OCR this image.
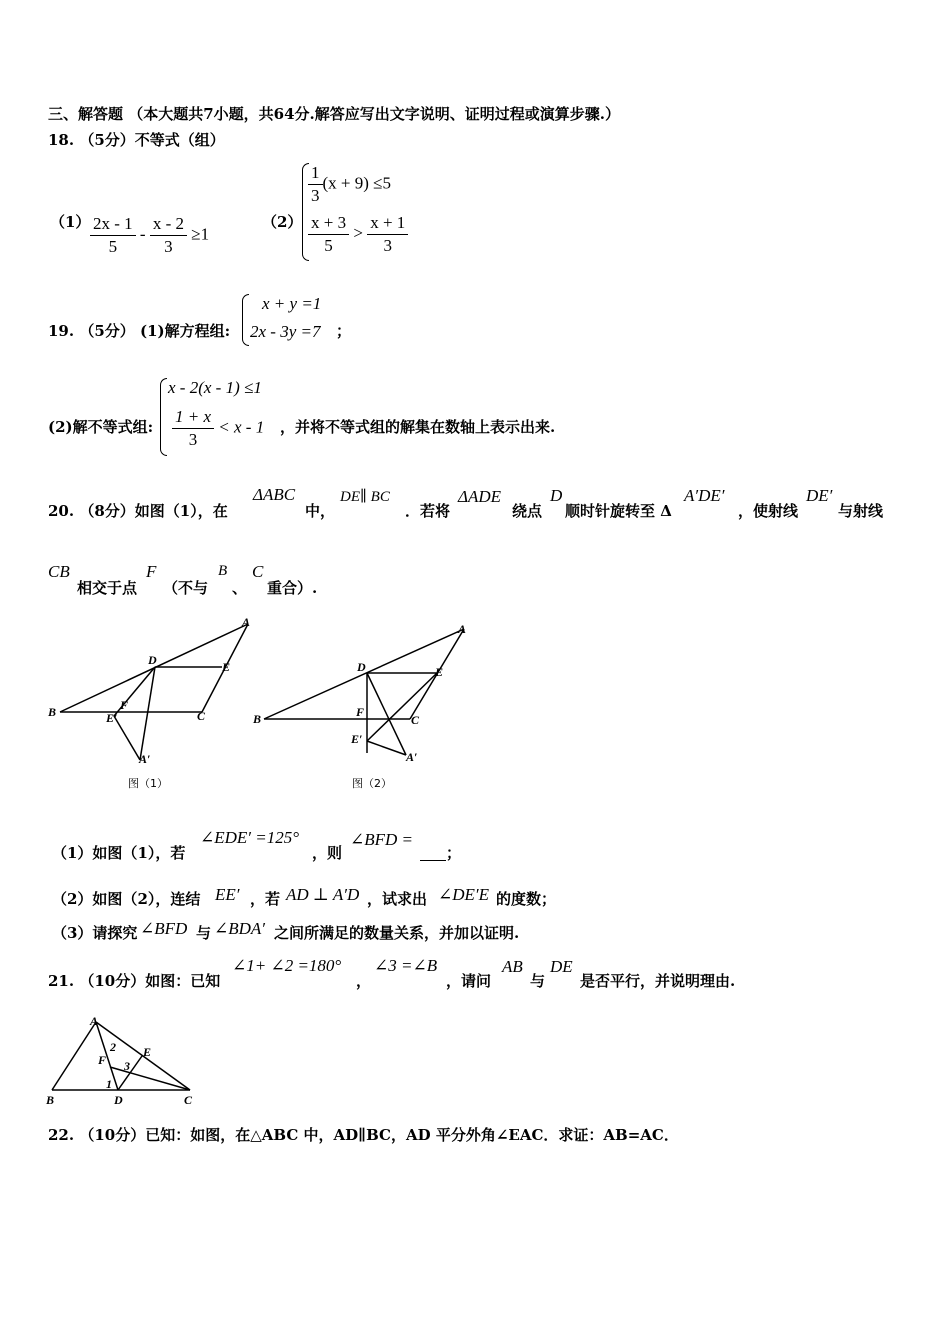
三、解答题 （本大题共7小题，共64分.解答应写出文字说明、证明过程或演算步骤.）
18. （5分）不等式（组）
$(1) \frac{2x - 1}{5} - \frac{x - 2}{3} \ge 1$
（2）
$\frac{1}{3} (x + 9) \le 5$
$\frac{x + 3}{5} > \frac{x + 1}{3}$
19. （5分） (1)解方程组:
x + y =1
2x - 3y =7 ；
(2)解不等式组:
x - 2(x - 1) ≤1
$\frac{1 + x}{3} < x - 1$ ，并将不等式组的解集在数轴上表示出来.
20. （8分）如图（1），在
ΔABC
中，
DE∥ BC
．若将
ΔADE
绕点
D
顺时针旋转至 Δ
A′DE′
，使射线
DE′
与射线
CB
相交于点
F
（不与
B
、
C
重合）.
A
D	E
B	C
F
E′
A′
图（1）
A
D	E
B	C
F
E′
A′
图（2）
（1）如图（1），若
∠EDE′ =125°
，则
∠BFD =
；
（2）如图（2），连结 EE′ ，若 AD ⊥ A′D ，试求出 ∠DE′E 的度数；
（3）请探究 ∠BFD 与 ∠BDA′ 之间所满足的数量关系，并加以证明.
21. （10分）如图：已知
∠1+ ∠2 =180°
，
∠3 =∠B
，请问
AB
与
DE
是否平行，并说明理由.
A
B	D	C
E
F
2
3
1
22. （10分）已知：如图，在△ABC 中，AD∥BC，AD 平分外角∠EAC．求证：AB=AC．
